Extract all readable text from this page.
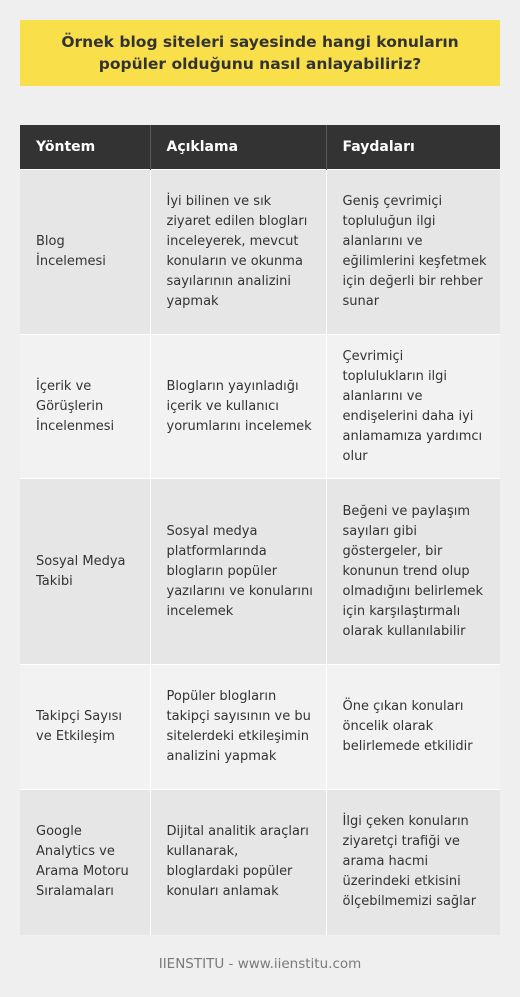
Örnek blog siteleri sayesinde hangi konuların popüler olduğunu nasıl anlayabiliriz?
Yöntem	Açıklama	Faydaları
Blog İncelemesi	İyi bilinen ve sık ziyaret edilen blogları inceleyerek, mevcut konuların ve okunma sayılarının analizini yapmak	Geniş çevrimiçi topluluğun ilgi alanlarını ve eğilimlerini keşfetmek için değerli bir rehber sunar
İçerik ve Görüşlerin İncelenmesi	Blogların yayınladığı içerik ve kullanıcı yorumlarını incelemek	Çevrimiçi toplulukların ilgi alanlarını ve endişelerini daha iyi anlamamıza yardımcı olur
Sosyal Medya Takibi	Sosyal medya platformlarında blogların popüler yazılarını ve konularını incelemek	Beğeni ve paylaşım sayıları gibi göstergeler, bir konunun trend olup olmadığını belirlemek için karşılaştırmalı olarak kullanılabilir
Takipçi Sayısı ve Etkileşim	Popüler blogların takipçi sayısının ve bu sitelerdeki etkileşimin analizini yapmak	Öne çıkan konuları öncelik olarak belirlemede etkilidir
Google Analytics ve Arama Motoru Sıralamaları	Dijital analitik araçları kullanarak, bloglardaki popüler konuları anlamak	İlgi çeken konuların ziyaretçi trafiği ve arama hacmi üzerindeki etkisini ölçebilmemizi sağlar
IIENSTITU - www.iienstitu.com
